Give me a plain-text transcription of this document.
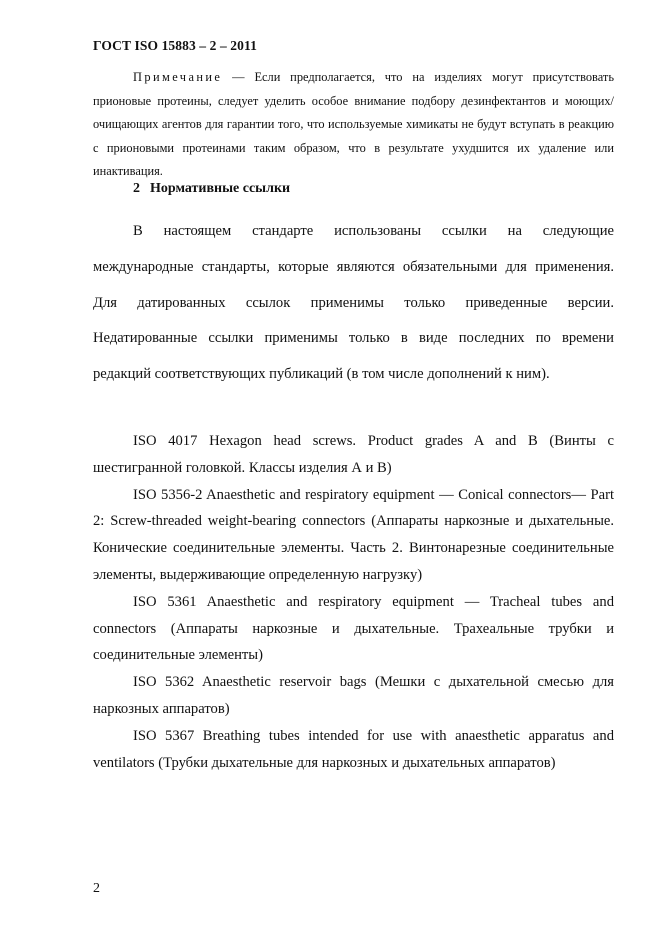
ГОСТ ISO 15883 – 2 – 2011

Примечание — Если предполагается, что на изделиях могут присутствовать прионовые протеины, следует уделить особое внимание подбору дезинфектантов и моющих/очищающих агентов для гарантии того, что используемые химикаты не будут вступать в реакцию с прионовыми протеинами таким образом, что в результате ухудшится их удаление или инактивация.

2 Нормативные ссылки

В настоящем стандарте использованы ссылки на следующие международные стандарты, которые являются обязательными для применения. Для датированных ссылок применимы только приведенные версии. Недатированные ссылки применимы только в виде последних по времени редакций соответствующих публикаций (в том числе дополнений к ним).

ISO 4017 Hexagon head screws. Product grades A and B (Винты с шестигранной головкой. Классы изделия А и В)

ISO 5356-2 Anaesthetic and respiratory equipment — Conical connectors— Part 2: Screw-threaded weight-bearing connectors (Аппараты наркозные и дыхательные. Конические соединительные элементы. Часть 2. Винтонарезные соединительные элементы, выдерживающие определенную нагрузку)

ISO 5361 Anaesthetic and respiratory equipment — Tracheal tubes and connectors (Аппараты наркозные и дыхательные. Трахеальные трубки и соединительные элементы)

ISO 5362 Anaesthetic reservoir bags (Мешки с дыхательной смесью для наркозных аппаратов)

ISO 5367 Breathing tubes intended for use with anaesthetic apparatus and ventilators (Трубки дыхательные для наркозных и дыхательных аппаратов)

2
